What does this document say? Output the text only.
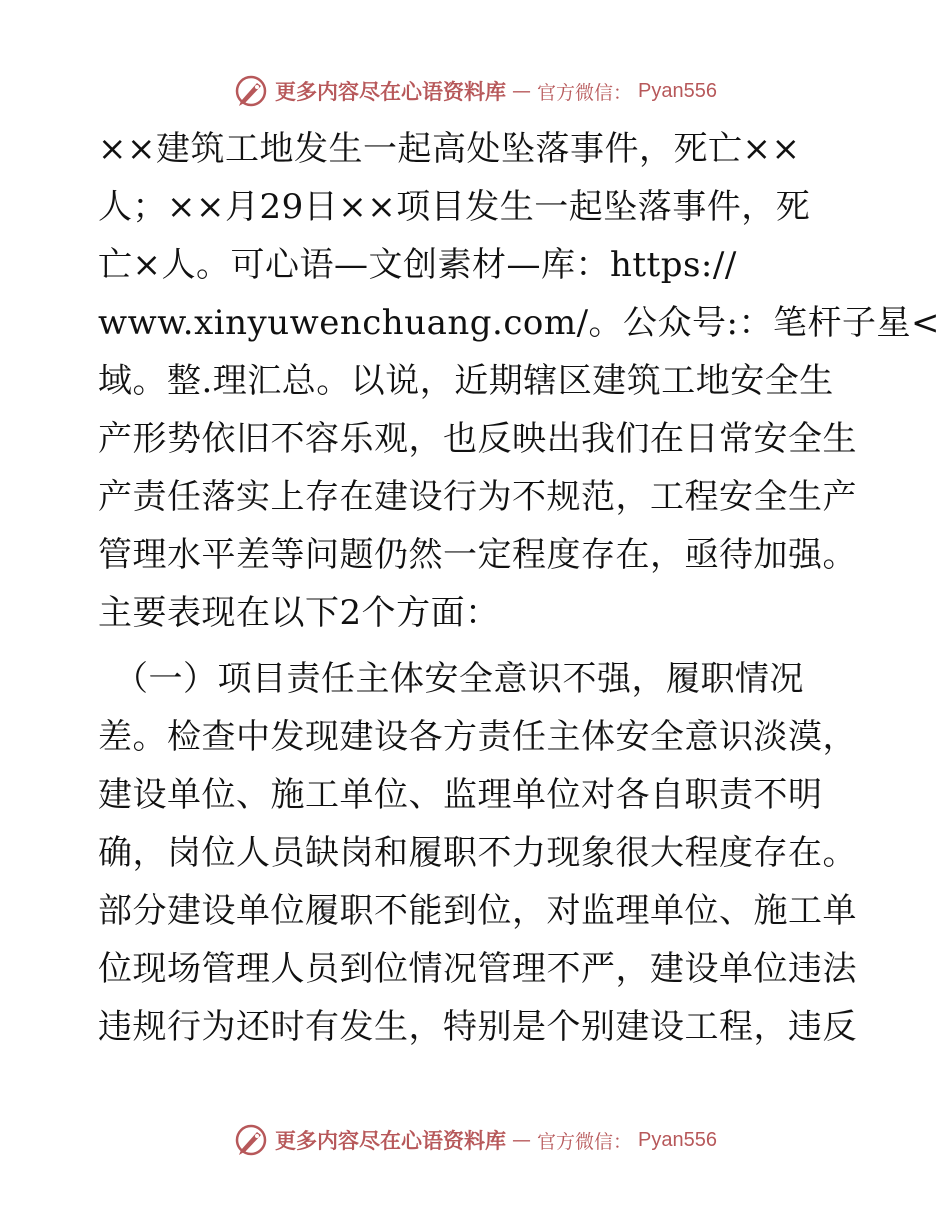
更多内容尽在心语资料库 — 官方微信： Pyan556
××建筑工地发生一起高处坠落事件，死亡××
人；××月29日××项目发生一起坠落事件，死
亡×人。可心语—文创素材—库：https://
www.xinyuwenchuang.com/。公众号:：笔杆子星<
域。整.理汇总。以说，近期辖区建筑工地安全生
产形势依旧不容乐观，也反映出我们在日常安全生
产责任落实上存在建设行为不规范，工程安全生产
管理水平差等问题仍然一定程度存在，亟待加强。
主要表现在以下2个方面：
（一）项目责任主体安全意识不强，履职情况
差。检查中发现建设各方责任主体安全意识淡漠，
建设单位、施工单位、监理单位对各自职责不明
确，岗位人员缺岗和履职不力现象很大程度存在。
部分建设单位履职不能到位，对监理单位、施工单
位现场管理人员到位情况管理不严，建设单位违法
违规行为还时有发生，特别是个别建设工程，违反
更多内容尽在心语资料库 — 官方微信： Pyan556
